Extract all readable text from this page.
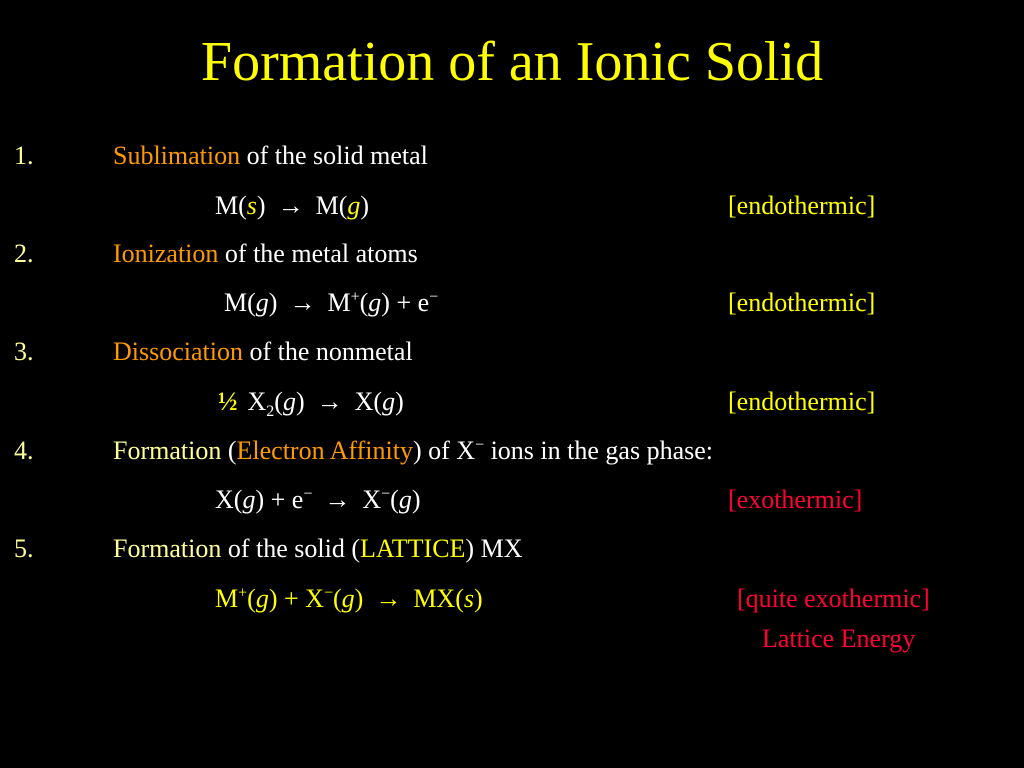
Formation of an Ionic Solid
1.	Sublimation of the solid metal
M(s) → M(g)	[endothermic]
2.	Ionization of the metal atoms
M(g) → M+(g) + e−	[endothermic]
3.	Dissociation of the nonmetal
½ $X_2(g) \to X(g)$	[endothermic]
4.	Formation (Electron Affinity) of X− ions in the gas phase:
X(g) + e− → X−(g)	[exothermic]
5.	Formation of the solid (LATTICE) MX
M+(g) + X−(g) → MX(s)	[quite exothermic]
Lattice Energy
